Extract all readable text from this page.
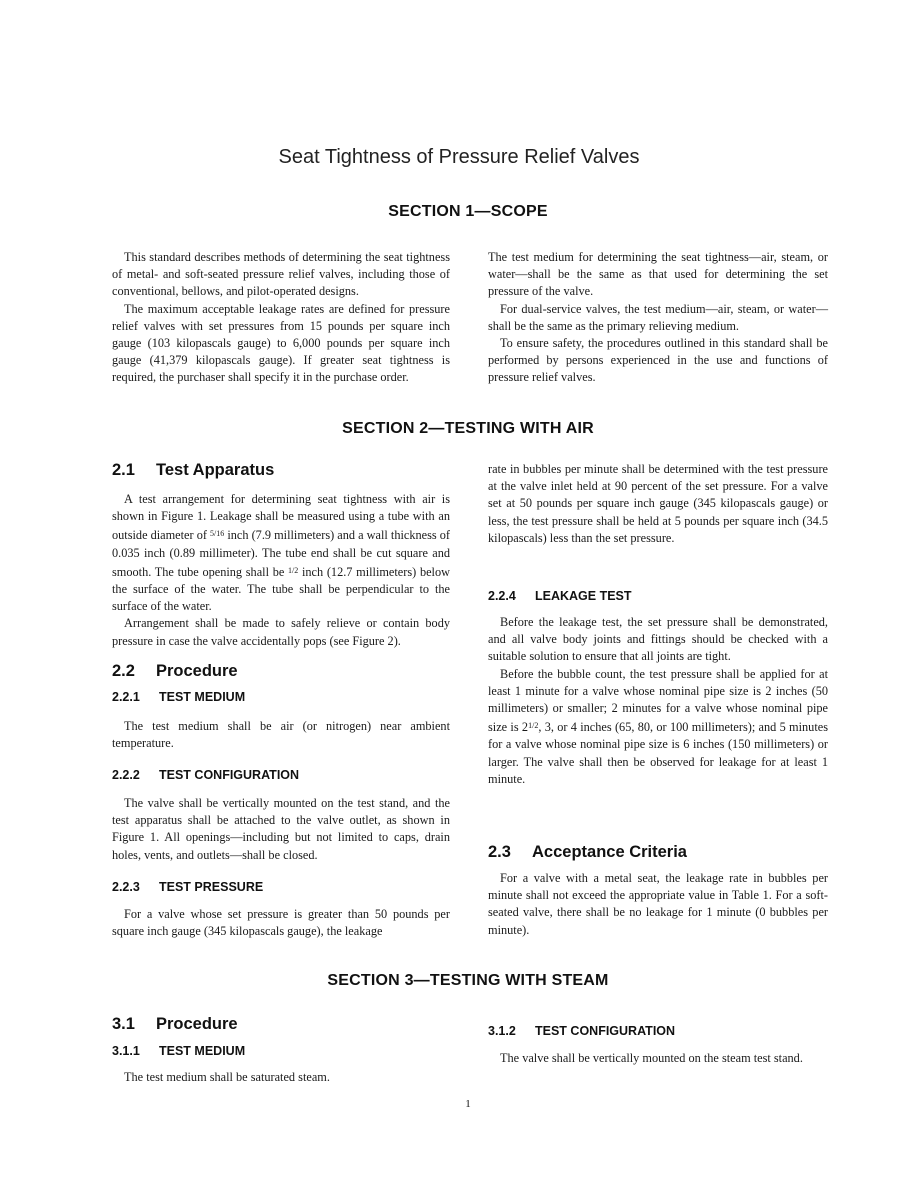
Seat Tightness of Pressure Relief Valves
SECTION 1—SCOPE

This standard describes methods of determining the seat tightness of metal- and soft-seated pressure relief valves, including those of conventional, bellows, and pilot-operated designs.

The maximum acceptable leakage rates are defined for pressure relief valves with set pressures from 15 pounds per square inch gauge (103 kilopascals gauge) to 6,000 pounds per square inch gauge (41,379 kilopascals gauge). If greater seat tightness is required, the purchaser shall specify it in the purchase order.

The test medium for determining the seat tightness—air, steam, or water—shall be the same as that used for determining the set pressure of the valve.

For dual-service valves, the test medium—air, steam, or water—shall be the same as the primary relieving medium.

To ensure safety, the procedures outlined in this standard shall be performed by persons experienced in the use and functions of pressure relief valves.

SECTION 2—TESTING WITH AIR
2.1 Test Apparatus

A test arrangement for determining seat tightness with air is shown in Figure 1. Leakage shall be measured using a tube with an outside diameter of $^{5/16}$ inch (7.9 millimeters) and a wall thickness of 0.035 inch (0.89 millimeter). The tube end shall be cut square and smooth. The tube opening shall be $^{1/2}$ inch (12.7 millimeters) below the surface of the water. The tube shall be perpendicular to the surface of the water.

Arrangement shall be made to safely relieve or contain body pressure in case the valve accidentally pops (see Figure 2).

2.2 Procedure
2.2.1 TEST MEDIUM

The test medium shall be air (or nitrogen) near ambient temperature.

2.2.2 TEST CONFIGURATION

The valve shall be vertically mounted on the test stand, and the test apparatus shall be attached to the valve outlet, as shown in Figure 1. All openings—including but not limited to caps, drain holes, vents, and outlets—shall be closed.

2.2.3 TEST PRESSURE

For a valve whose set pressure is greater than 50 pounds per square inch gauge (345 kilopascals gauge), the leakage

rate in bubbles per minute shall be determined with the test pressure at the valve inlet held at 90 percent of the set pressure. For a valve set at 50 pounds per square inch gauge (345 kilopascals gauge) or less, the test pressure shall be held at 5 pounds per square inch (34.5 kilopascals) less than the set pressure.

2.2.4 LEAKAGE TEST

Before the leakage test, the set pressure shall be demonstrated, and all valve body joints and fittings should be checked with a suitable solution to ensure that all joints are tight.

Before the bubble count, the test pressure shall be applied for at least 1 minute for a valve whose nominal pipe size is 2 inches (50 millimeters) or smaller; 2 minutes for a valve whose nominal pipe size is $2^{1/2}$, 3, or 4 inches (65, 80, or 100 millimeters); and 5 minutes for a valve whose nominal pipe size is 6 inches (150 millimeters) or larger. The valve shall then be observed for leakage for at least 1 minute.

2.3 Acceptance Criteria

For a valve with a metal seat, the leakage rate in bubbles per minute shall not exceed the appropriate value in Table 1. For a soft-seated valve, there shall be no leakage for 1 minute (0 bubbles per minute).

SECTION 3—TESTING WITH STEAM
3.1 Procedure
3.1.1 TEST MEDIUM

The test medium shall be saturated steam.

3.1.2 TEST CONFIGURATION

The valve shall be vertically mounted on the steam test stand.

1
